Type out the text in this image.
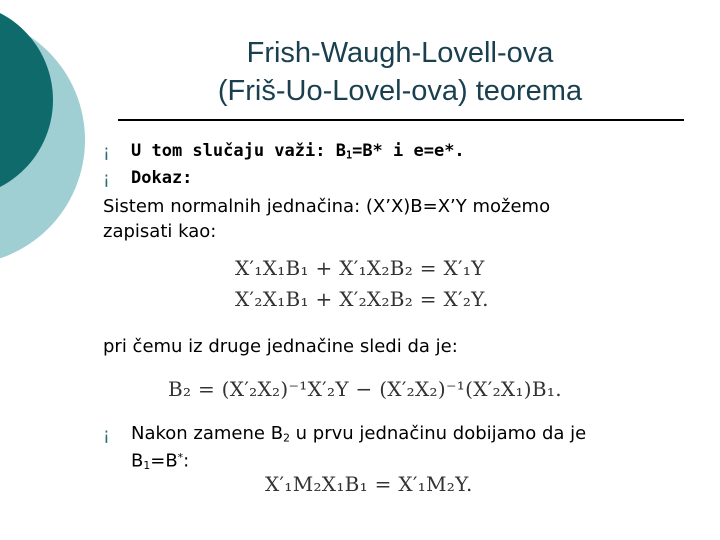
Frish-Waugh-Lovell-ova
(Friš-Uo-Lovel-ova) teorema
¡ U tom slučaju važi: $B_1=B*$ i e=e*.
¡ Dokaz:
Sistem normalnih jednačina: (X’X)B=X’Y možemo
zapisati kao:
X′₁X₁B₁ + X′₁X₂B₂ = X′₁Y
X′₂X₁B₁ + X′₂X₂B₂ = X′₂Y.
pri čemu iz druge jednačine sledi da je:
B₂ = (X′₂X₂)⁻¹X′₂Y − (X′₂X₂)⁻¹(X′₂X₁)B₁.
¡ Nakon zamene $B_2$ u prvu jednačinu dobijamo da je
$B_1=B^*$:
X′₁M₂X₁B₁ = X′₁M₂Y.
